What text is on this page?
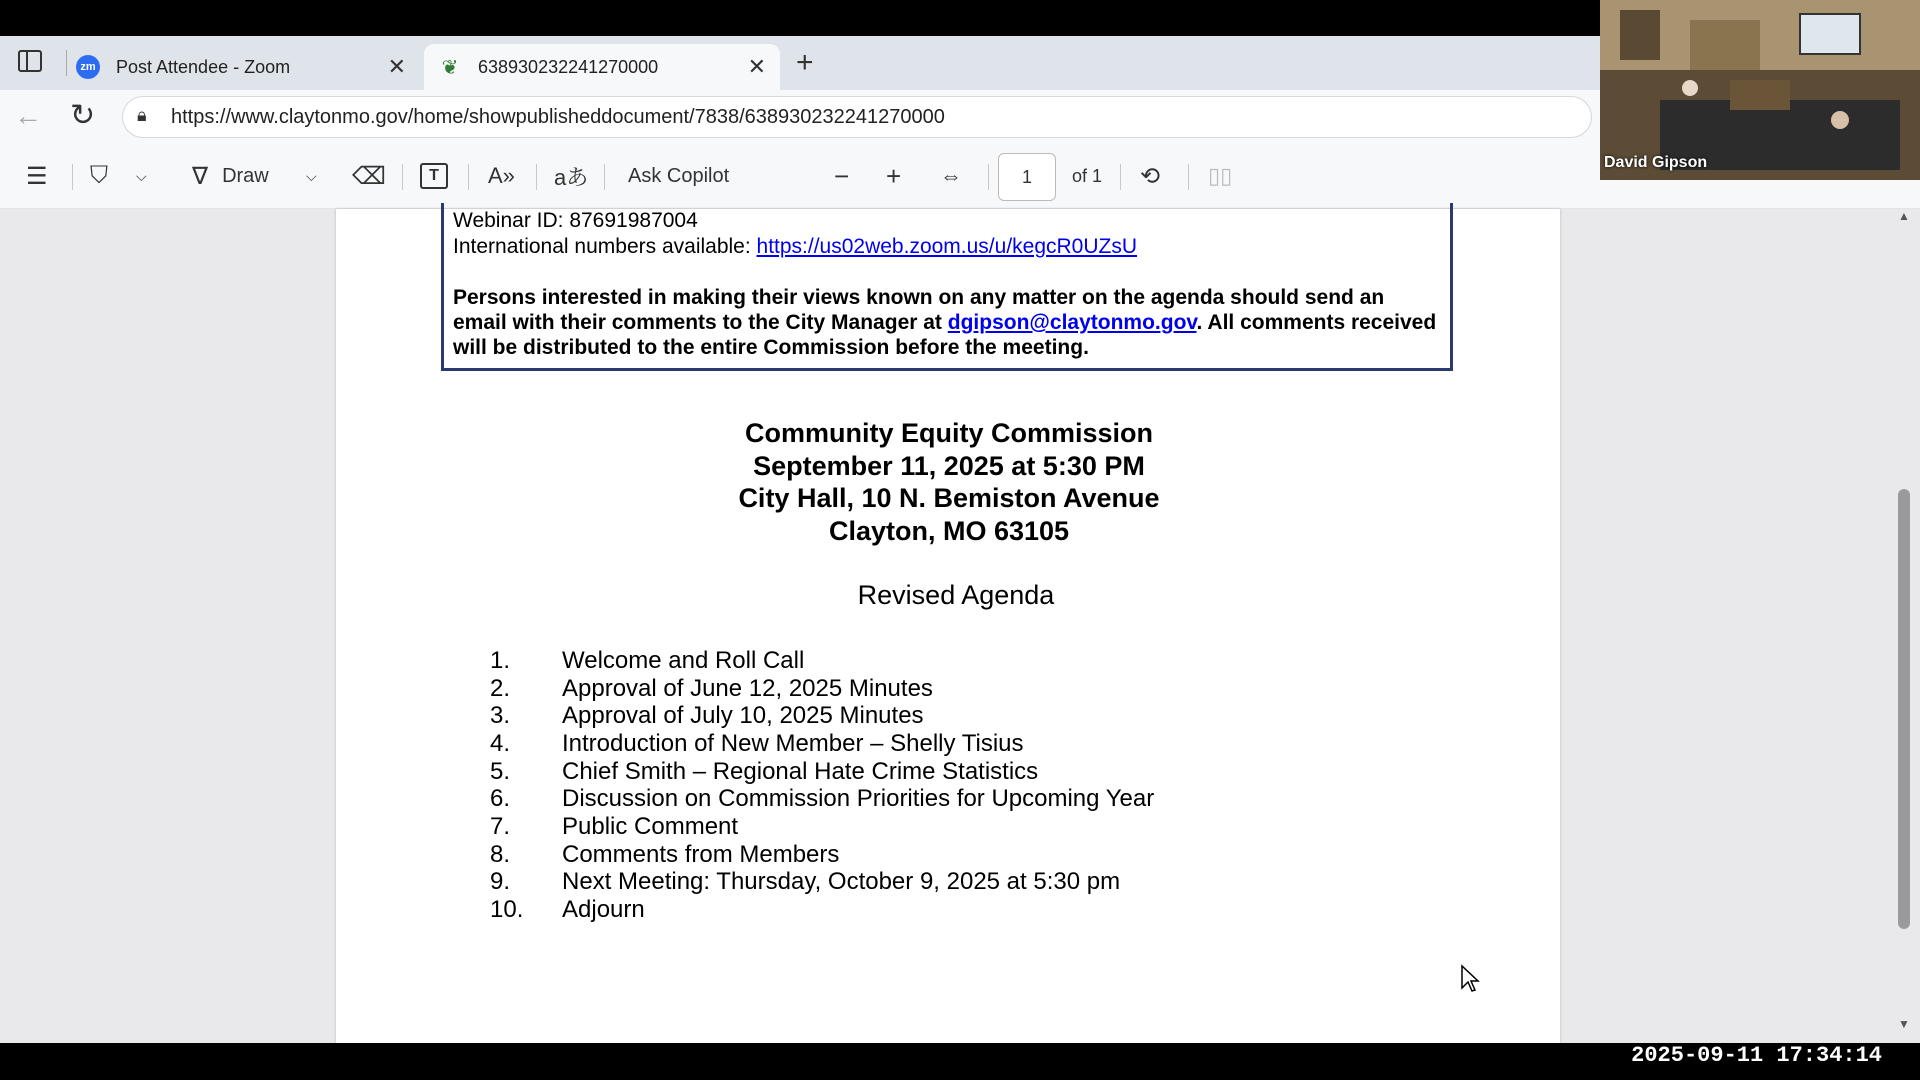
zm Post Attendee - Zoom	✕ ❦ 638930232241270000	✕ +
← ↻ 🔒︎ https://www.claytonmo.gov/home/showpublisheddocument/7838/638930232241270000
☰ ⛉ ⌵ ∇ Draw	⌵ ⌫	T	A» aあ Ask Copilot	− + ⇔	1	of 1 ⟲ ▯▯
Webinar ID: 87691987004
International numbers available: https://us02web.zoom.us/u/kegcR0UZsU
Persons interested in making their views known on any matter on the agenda should send an email with their comments to the City Manager at dgipson@claytonmo.gov. All comments received will be distributed to the entire Commission before the meeting.
Community Equity Commission
September 11, 2025 at 5:30 PM
City Hall, 10 N. Bemiston Avenue
Clayton, MO 63105
Revised Agenda
1. Welcome and Roll Call
2. Approval of June 12, 2025 Minutes
3. Approval of July 10, 2025 Minutes
4. Introduction of New Member – Shelly Tisius
5. Chief Smith – Regional Hate Crime Statistics
6. Discussion on Commission Priorities for Upcoming Year
7. Public Comment
8. Comments from Members
9. Next Meeting: Thursday, October 9, 2025 at 5:30 pm
10. Adjourn
▲
▼
David Gipson
2025-09-11 17:34:14
